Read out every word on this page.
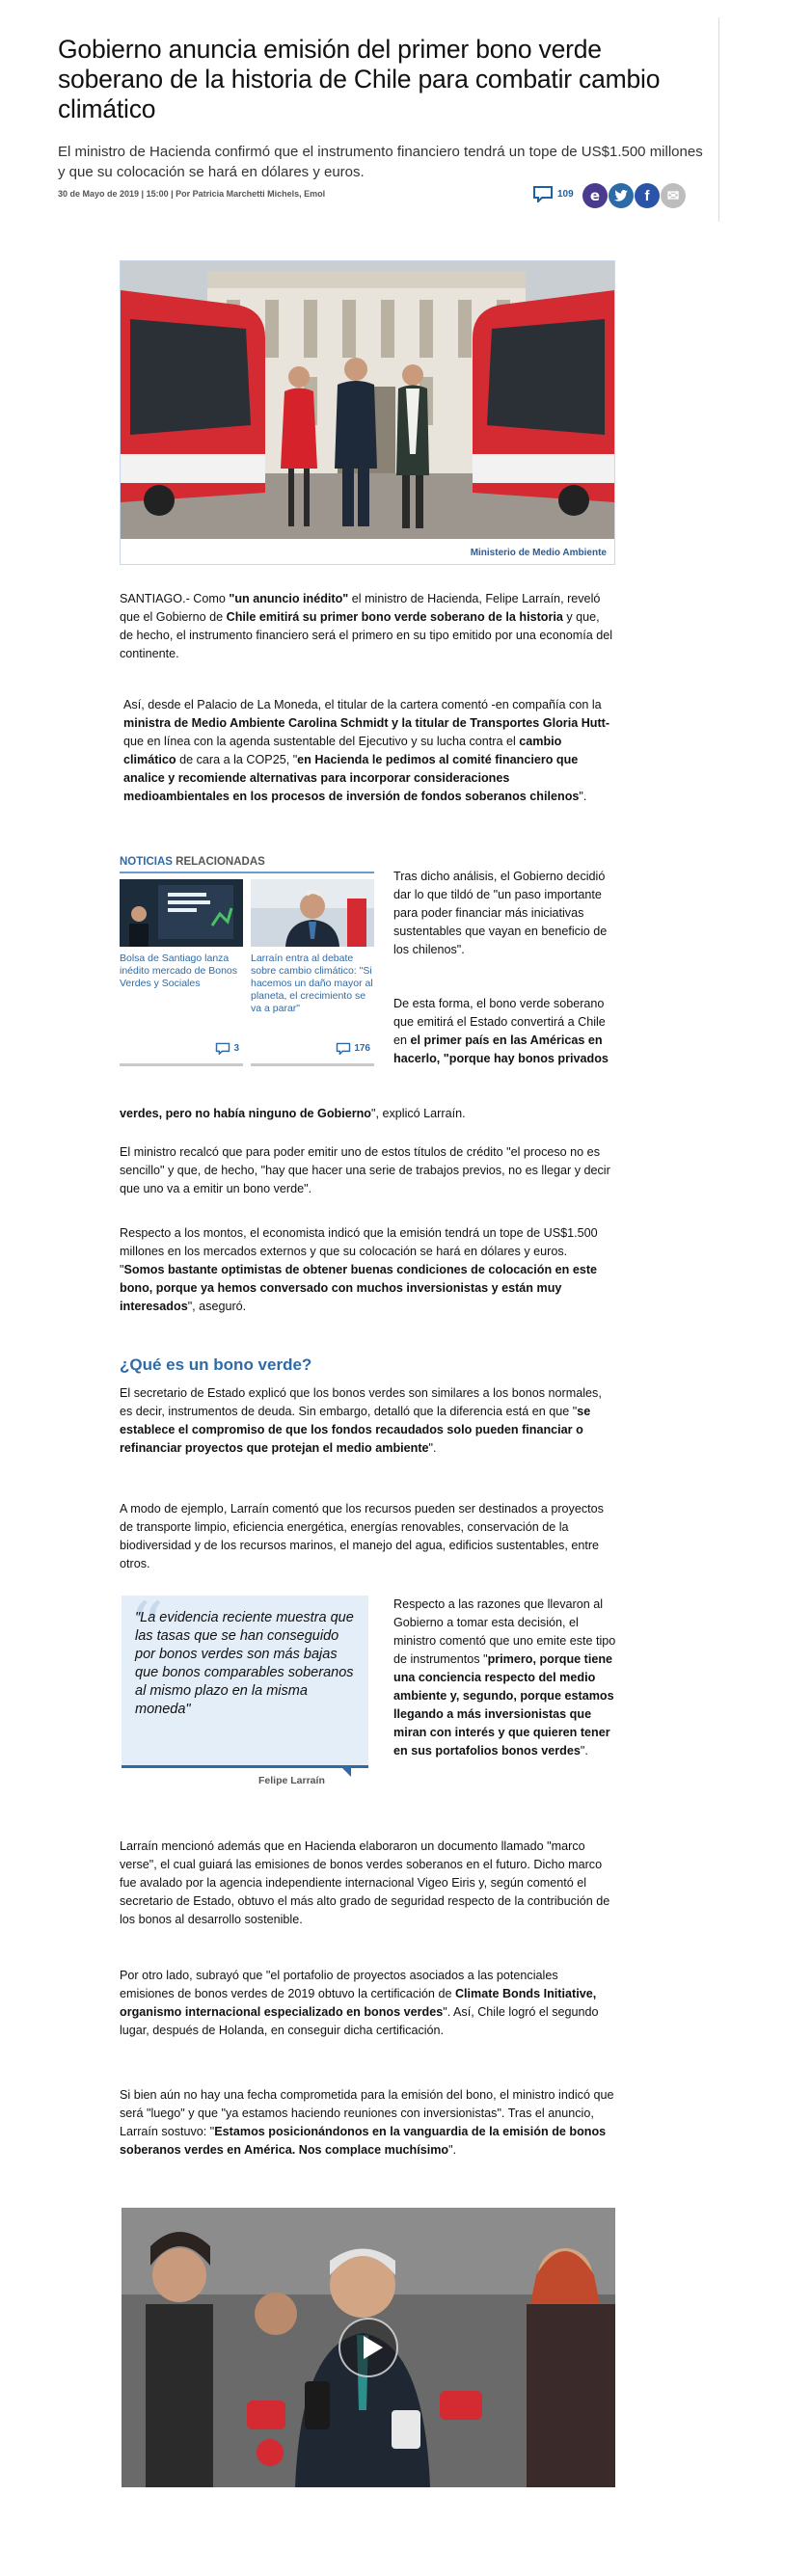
Gobierno anuncia emisión del primer bono verde soberano de la historia de Chile para combatir cambio climático

El ministro de Hacienda confirmó que el instrumento financiero tendrá un tope de US$1.500 millones y que su colocación se hará en dólares y euros.

30 de Mayo de 2019 | 15:00 | Por Patricia Marchetti Michels, Emol	109	e	f	✉
Ministerio de Medio Ambiente

SANTIAGO.- Como "un anuncio inédito" el ministro de Hacienda, Felipe Larraín, reveló que el Gobierno de Chile emitirá su primer bono verde soberano de la historia y que, de hecho, el instrumento financiero será el primero en su tipo emitido por una economía del continente.

Así, desde el Palacio de La Moneda, el titular de la cartera comentó -en compañía con la ministra de Medio Ambiente Carolina Schmidt y la titular de Transportes Gloria Hutt- que en línea con la agenda sustentable del Ejecutivo y su lucha contra el cambio climático de cara a la COP25, "en Hacienda le pedimos al comité financiero que analice y recomiende alternativas para incorporar consideraciones medioambientales en los procesos de inversión de fondos soberanos chilenos".

NOTICIAS RELACIONADAS
Bolsa de Santiago lanza inédito mercado de Bonos Verdes y Sociales
3
Larraín entra al debate sobre cambio climático: "Si hacemos un daño mayor al planeta, el crecimiento se va a parar"
176

Tras dicho análisis, el Gobierno decidió dar lo que tildó de "un paso importante para poder financiar más iniciativas sustentables que vayan en beneficio de los chilenos".

De esta forma, el bono verde soberano que emitirá el Estado convertirá a Chile en el primer país en las Américas en hacerlo, "porque hay bonos privados

verdes, pero no había ninguno de Gobierno", explicó Larraín.

El ministro recalcó que para poder emitir uno de estos títulos de crédito "el proceso no es sencillo" y que, de hecho, "hay que hacer una serie de trabajos previos, no es llegar y decir que uno va a emitir un bono verde".

Respecto a los montos, el economista indicó que la emisión tendrá un tope de US$1.500 millones en los mercados externos y que su colocación se hará en dólares y euros. "Somos bastante optimistas de obtener buenas condiciones de colocación en este bono, porque ya hemos conversado con muchos inversionistas y están muy interesados", aseguró.

¿Qué es un bono verde?

El secretario de Estado explicó que los bonos verdes son similares a los bonos normales, es decir, instrumentos de deuda. Sin embargo, detalló que la diferencia está en que "se establece el compromiso de que los fondos recaudados solo pueden financiar o refinanciar proyectos que protejan el medio ambiente".

A modo de ejemplo, Larraín comentó que los recursos pueden ser destinados a proyectos de transporte limpio, eficiencia energética, energías renovables, conservación de la biodiversidad y de los recursos marinos, el manejo del agua, edificios sustentables, entre otros.

“

"La evidencia reciente muestra que las tasas que se han conseguido por bonos verdes son más bajas que bonos comparables soberanos al mismo plazo en la misma moneda"

Felipe Larraín

Respecto a las razones que llevaron al Gobierno a tomar esta decisión, el ministro comentó que uno emite este tipo de instrumentos "primero, porque tiene una conciencia respecto del medio ambiente y, segundo, porque estamos llegando a más inversionistas que miran con interés y que quieren tener en sus portafolios bonos verdes".

Larraín mencionó además que en Hacienda elaboraron un documento llamado "marco verse", el cual guiará las emisiones de bonos verdes soberanos en el futuro. Dicho marco fue avalado por la agencia independiente internacional Vigeo Eiris y, según comentó el secretario de Estado, obtuvo el más alto grado de seguridad respecto de la contribución de los bonos al desarrollo sostenible.

Por otro lado, subrayó que "el portafolio de proyectos asociados a las potenciales emisiones de bonos verdes de 2019 obtuvo la certificación de Climate Bonds Initiative, organismo internacional especializado en bonos verdes". Así, Chile logró el segundo lugar, después de Holanda, en conseguir dicha certificación.

Si bien aún no hay una fecha comprometida para la emisión del bono, el ministro indicó que será "luego" y que "ya estamos haciendo reuniones con inversionistas". Tras el anuncio, Larraín sostuvo: "Estamos posicionándonos en la vanguardia de la emisión de bonos soberanos verdes en América. Nos complace muchísimo".
